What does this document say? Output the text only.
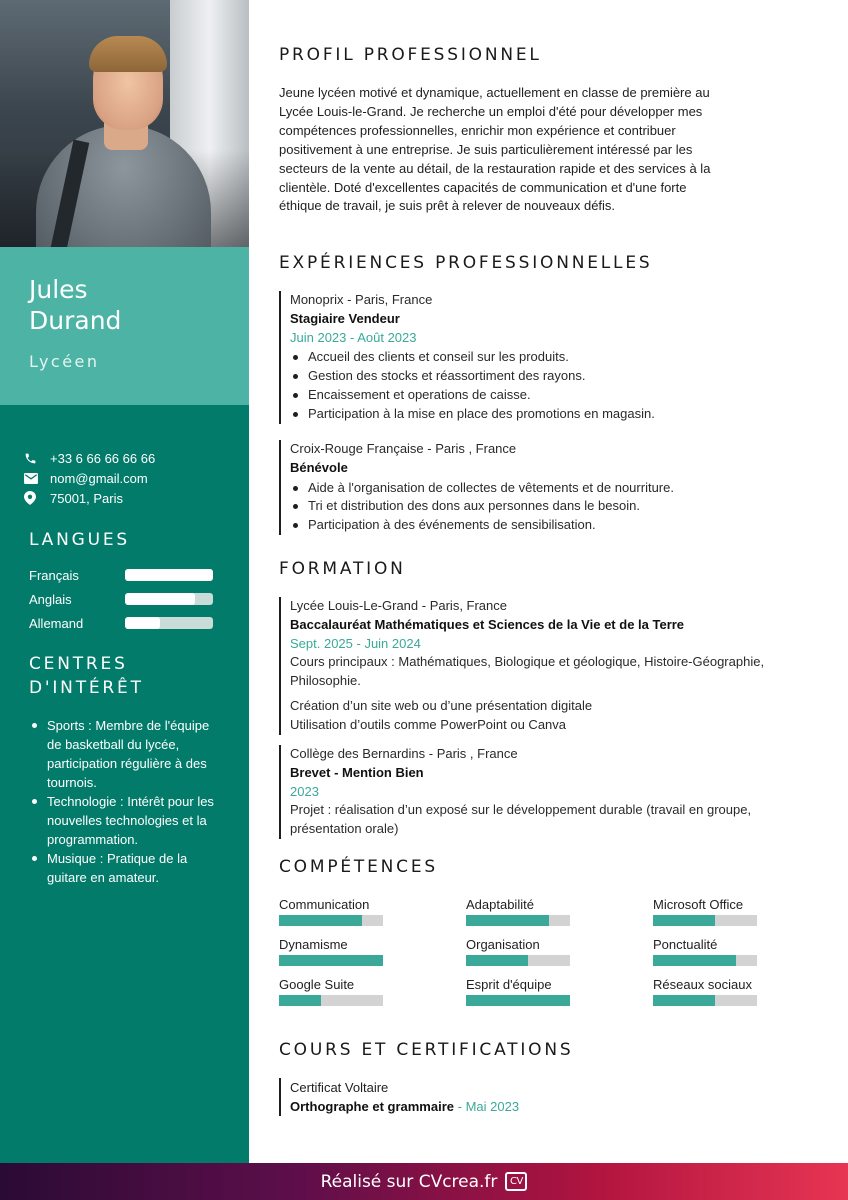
Jules
Durand
Lycéen
+33 6 66 66 66 66
nom@gmail.com
75001, Paris
LANGUES
Français
Anglais
Allemand
CENTRES
D'INTÉRÊT
Sports : Membre de l'équipe de basketball du lycée, participation régulière à des tournois.
Technologie : Intérêt pour les nouvelles technologies et la programmation.
Musique : Pratique de la guitare en amateur.
PROFIL PROFESSIONNEL

Jeune lycéen motivé et dynamique, actuellement en classe de première au Lycée Louis-le-Grand. Je recherche un emploi d'été pour développer mes compétences professionnelles, enrichir mon expérience et contribuer positivement à une entreprise. Je suis particulièrement intéressé par les secteurs de la vente au détail, de la restauration rapide et des services à la clientèle. Doté d'excellentes capacités de communication et d'une forte éthique de travail, je suis prêt à relever de nouveaux défis.

EXPÉRIENCES PROFESSIONNELLES
Monoprix - Paris, France
Stagiaire Vendeur
Juin 2023 - Août 2023
Accueil des clients et conseil sur les produits.
Gestion des stocks et réassortiment des rayons.
Encaissement et operations de caisse.
Participation à la mise en place des promotions en magasin.
Croix-Rouge Française - Paris , France
Bénévole
Aide à l'organisation de collectes de vêtements et de nourriture.
Tri et distribution des dons aux personnes dans le besoin.
Participation à des événements de sensibilisation.
FORMATION
Lycée Louis-Le-Grand - Paris, France
Baccalauréat Mathématiques et Sciences de la Vie et de la Terre
Sept. 2025 - Juin 2024
Cours principaux : Mathématiques, Biologique et géologique, Histoire-Géographie, Philosophie.
Création d’un site web ou d’une présentation digitale
Utilisation d’outils comme PowerPoint ou Canva
Collège des Bernardins - Paris , France
Brevet - Mention Bien
2023
Projet : réalisation d’un exposé sur le développement durable (travail en groupe, présentation orale)
COMPÉTENCES
Communication	Adaptabilité	Microsoft Office
Dynamisme	Organisation	Ponctualité
Google Suite	Esprit d'équipe	Réseaux sociaux
COURS ET CERTIFICATIONS
Certificat Voltaire
Orthographe et grammaire - Mai 2023
Réalisé sur CVcrea.fr	CV
